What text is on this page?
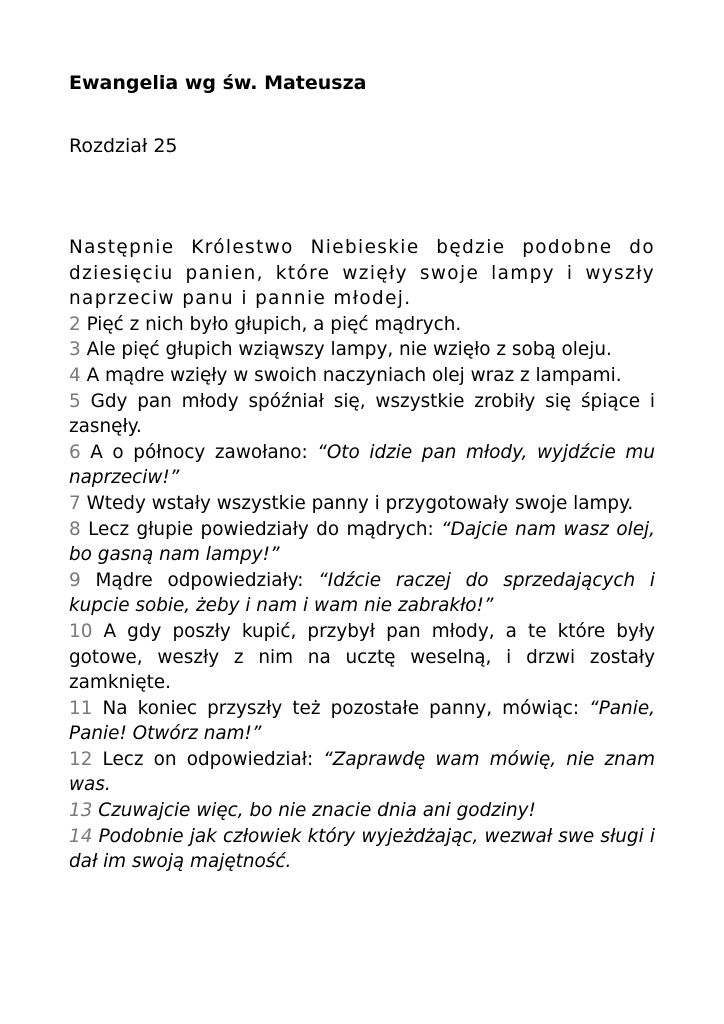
Ewangelia wg św. Mateusza
Rozdział 25

Następnie Królestwo Niebieskie będzie podobne do dziesięciu panien, które wzięły swoje lampy i wyszły naprzeciw panu i pannie młodej.

2 Pięć z nich było głupich, a pięć mądrych.

3 Ale pięć głupich wziąwszy lampy, nie wzięło z sobą oleju.

4 A mądre wzięły w swoich naczyniach olej wraz z lampami.

5 Gdy pan młody spóźniał się, wszystkie zrobiły się śpiące i zasnęły.

6 A o północy zawołano: “Oto idzie pan młody, wyjdźcie mu naprzeciw!”

7 Wtedy wstały wszystkie panny i przygotowały swoje lampy.

8 Lecz głupie powiedziały do mądrych: “Dajcie nam wasz olej, bo gasną nam lampy!”

9 Mądre odpowiedziały: “Idźcie raczej do sprzedających i kupcie sobie, żeby i nam i wam nie zabrakło!”

10 A gdy poszły kupić, przybył pan młody, a te które były gotowe, weszły z nim na ucztę weselną, i drzwi zostały zamknięte.

11 Na koniec przyszły też pozostałe panny, mówiąc: “Panie, Panie! Otwórz nam!”

12 Lecz on odpowiedział: “Zaprawdę wam mówię, nie znam was.

13 Czuwajcie więc, bo nie znacie dnia ani godziny!

14 Podobnie jak człowiek który wyjeżdżając, wezwał swe sługi i dał im swoją majętność.
